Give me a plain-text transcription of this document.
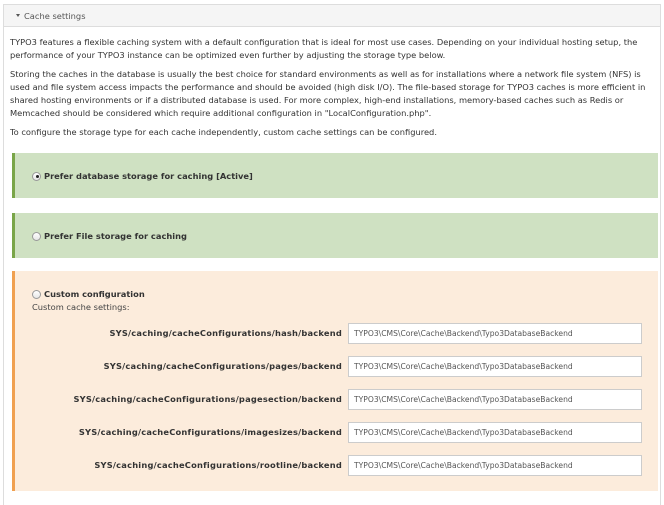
Cache settings

TYPO3 features a flexible caching system with a default configuration that is ideal for most use cases. Depending on your individual hosting setup, the performance of your TYPO3 instance can be optimized even further by adjusting the storage type below.

Storing the caches in the database is usually the best choice for standard environments as well as for installations where a network file system (NFS) is used and file system access impacts the performance and should be avoided (high disk I/O). The file-based storage for TYPO3 caches is more efficient in shared hosting environments or if a distributed database is used. For more complex, high-end installations, memory-based caches such as Redis or Memcached should be considered which require additional configuration in "LocalConfiguration.php".

To configure the storage type for each cache independently, custom cache settings can be configured.

Prefer database storage for caching [Active]
Prefer File storage for caching
Custom configuration
Custom cache settings:
SYS/caching/cacheConfigurations/hash/backend
TYPO3\CMS\Core\Cache\Backend\Typo3DatabaseBackend
SYS/caching/cacheConfigurations/pages/backend
TYPO3\CMS\Core\Cache\Backend\Typo3DatabaseBackend
SYS/caching/cacheConfigurations/pagesection/backend
TYPO3\CMS\Core\Cache\Backend\Typo3DatabaseBackend
SYS/caching/cacheConfigurations/imagesizes/backend
TYPO3\CMS\Core\Cache\Backend\Typo3DatabaseBackend
SYS/caching/cacheConfigurations/rootline/backend
TYPO3\CMS\Core\Cache\Backend\Typo3DatabaseBackend
